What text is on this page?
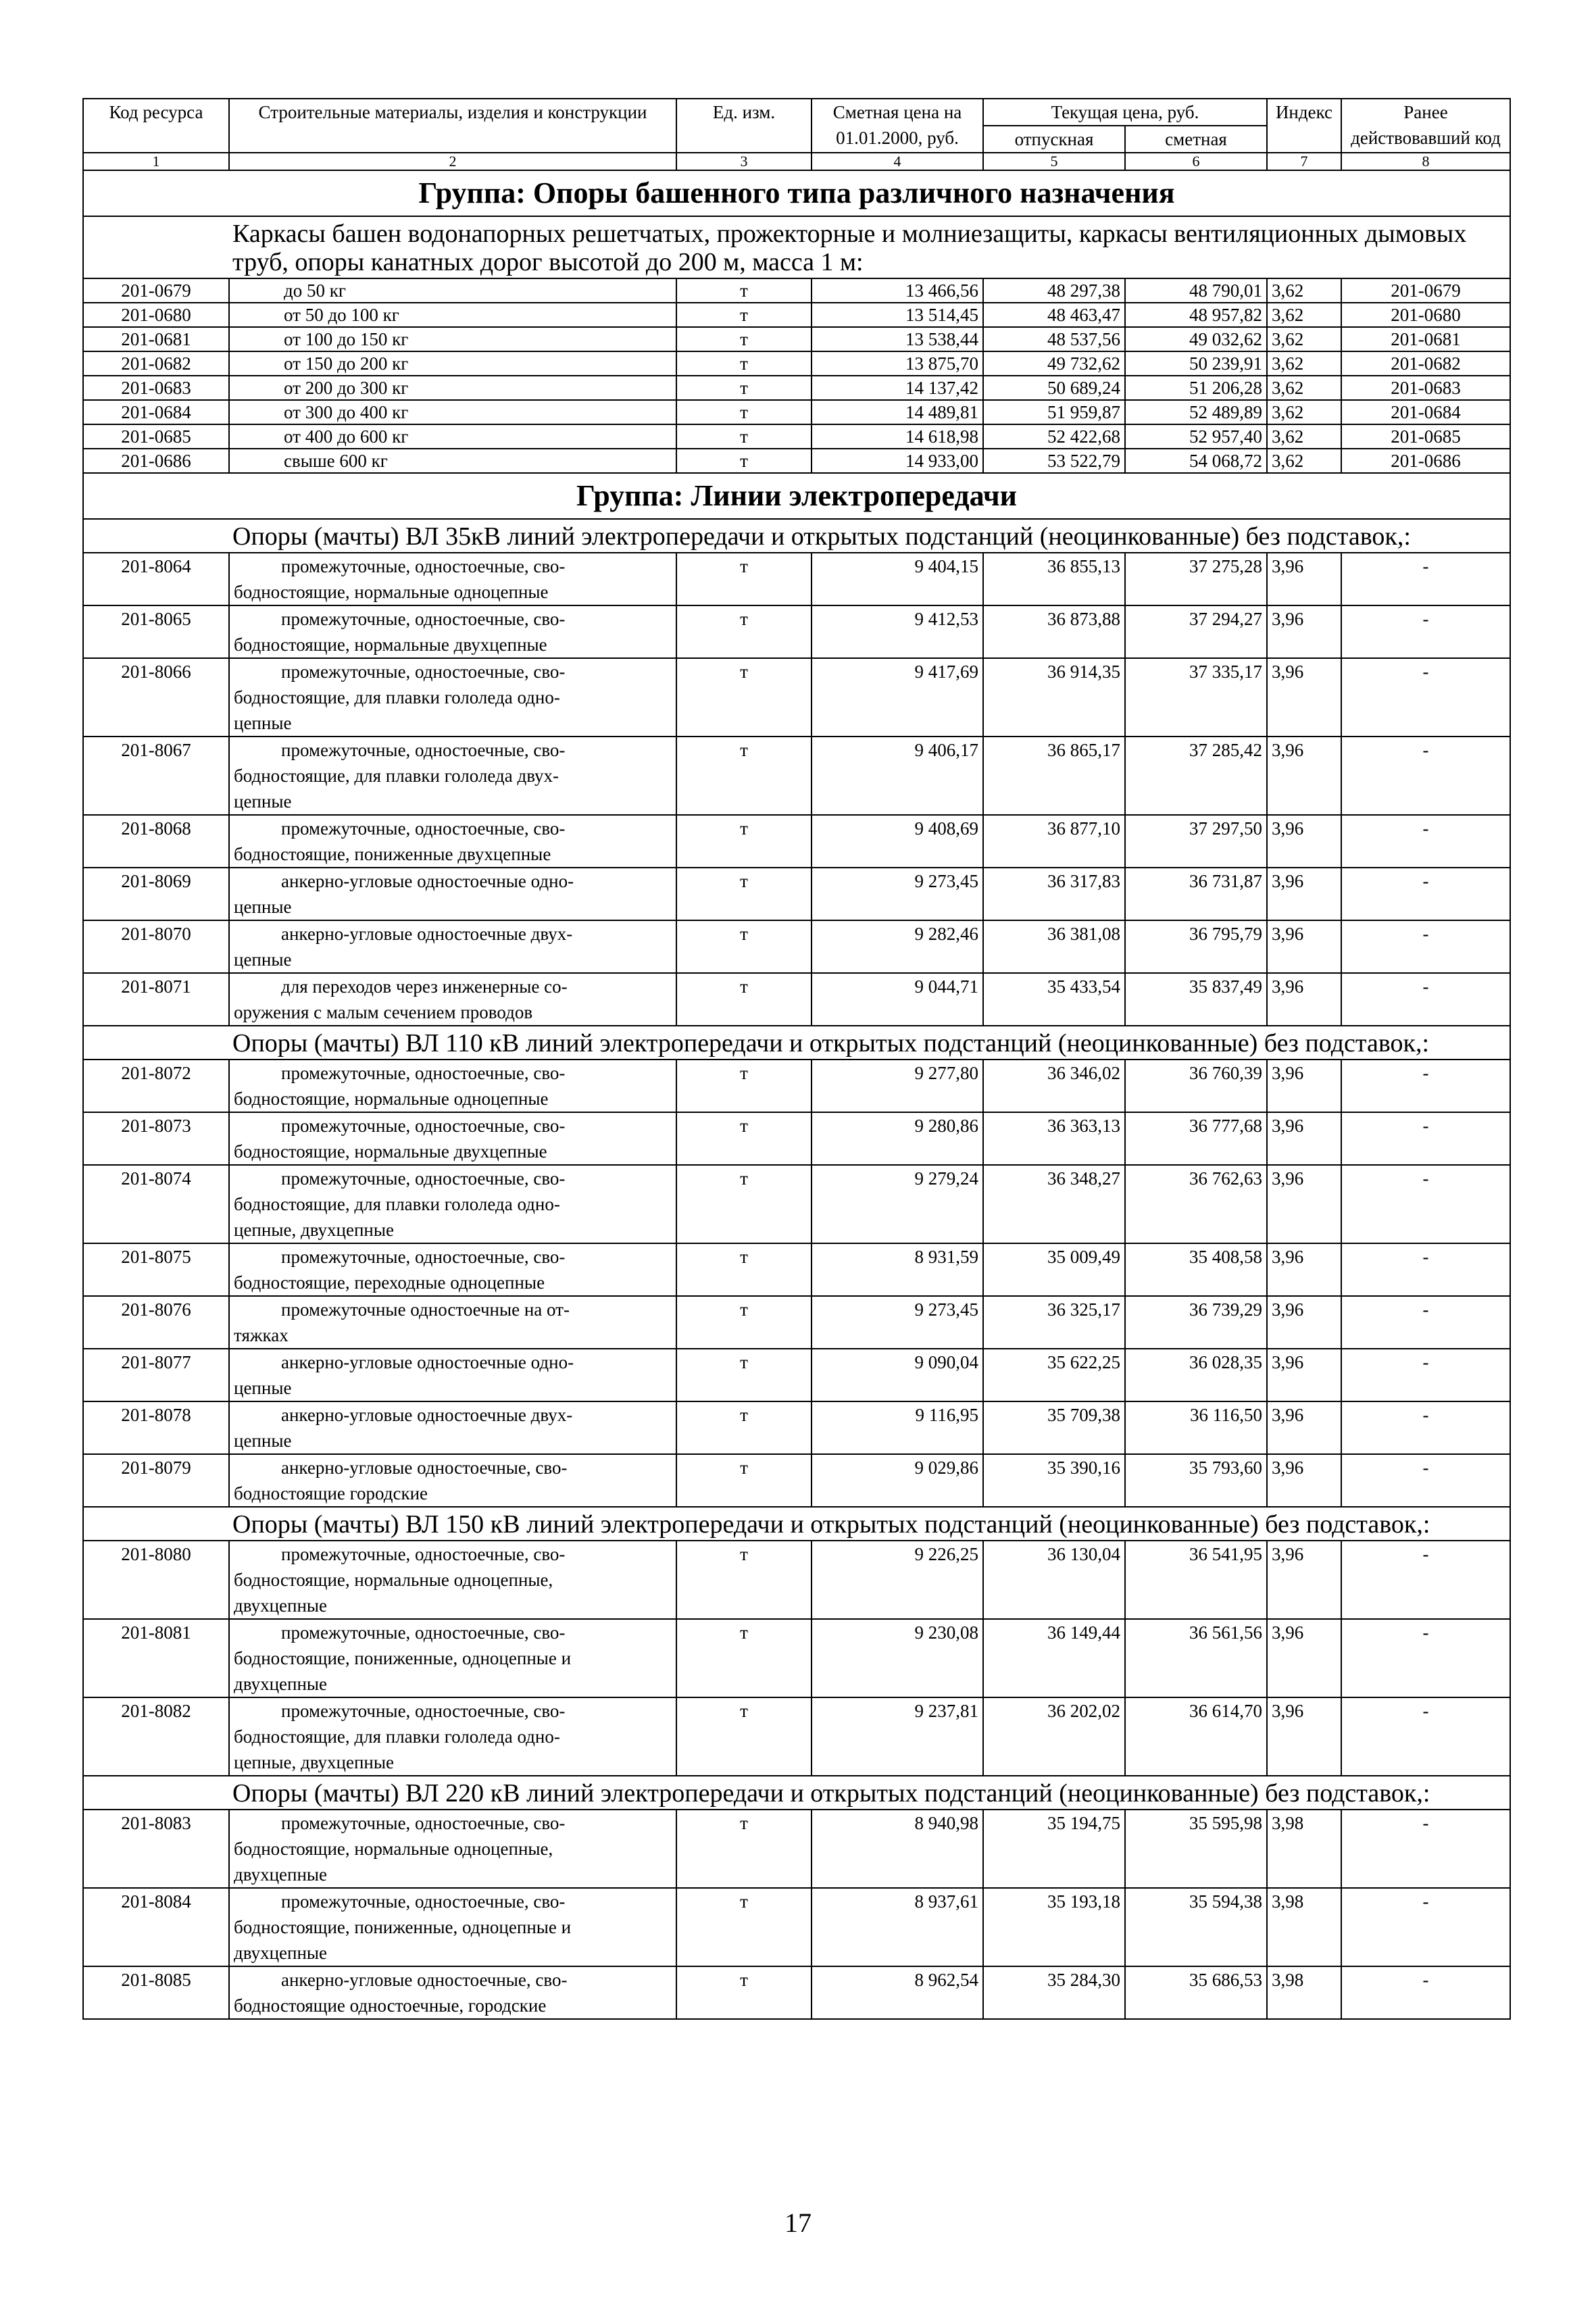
Код ресурса	Строительные материалы, изделия и конструкции	Ед. изм.	Сметная цена на 01.01.2000, руб.	Текущая цена, руб.		Индекс	Ранее действовавший код
				отпускная	сметная		
1	2	3	4	5	6	7	8
Группа: Опоры башенного типа различного назначения							
Каркасы башен водонапорных решетчатых, прожекторные и молниезащиты, каркасы вентиляционных дымовых труб, опоры канатных дорог высотой до 200 м, масса 1 м:							
201-0679	до 50 кг	т	13 466,56	48 297,38	48 790,01	3,62	201-0679
201-0680	от 50 до 100 кг	т	13 514,45	48 463,47	48 957,82	3,62	201-0680
201-0681	от 100 до 150 кг	т	13 538,44	48 537,56	49 032,62	3,62	201-0681
201-0682	от 150 до 200 кг	т	13 875,70	49 732,62	50 239,91	3,62	201-0682
201-0683	от 200 до 300 кг	т	14 137,42	50 689,24	51 206,28	3,62	201-0683
201-0684	от 300 до 400 кг	т	14 489,81	51 959,87	52 489,89	3,62	201-0684
201-0685	от 400 до 600 кг	т	14 618,98	52 422,68	52 957,40	3,62	201-0685
201-0686	свыше 600 кг	т	14 933,00	53 522,79	54 068,72	3,62	201-0686
Группа: Линии электропередачи							
Опоры (мачты) ВЛ 35кВ линий электропередачи и открытых подстанций (неоцинкованные) без подставок,:							
201-8064	промежуточные, одностоечные, сво-
бодностоящие, нормальные одноцепные	т	9 404,15	36 855,13	37 275,28	3,96	-
201-8065	промежуточные, одностоечные, сво-
бодностоящие, нормальные двухцепные	т	9 412,53	36 873,88	37 294,27	3,96	-
201-8066	промежуточные, одностоечные, сво-
бодностоящие, для плавки гололеда одно-
цепные	т	9 417,69	36 914,35	37 335,17	3,96	-
201-8067	промежуточные, одностоечные, сво-
бодностоящие, для плавки гололеда двух-
цепные	т	9 406,17	36 865,17	37 285,42	3,96	-
201-8068	промежуточные, одностоечные, сво-
бодностоящие, пониженные двухцепные	т	9 408,69	36 877,10	37 297,50	3,96	-
201-8069	анкерно-угловые одностоечные одно-
цепные	т	9 273,45	36 317,83	36 731,87	3,96	-
201-8070	анкерно-угловые одностоечные двух-
цепные	т	9 282,46	36 381,08	36 795,79	3,96	-
201-8071	для переходов через инженерные со-
оружения с малым сечением проводов	т	9 044,71	35 433,54	35 837,49	3,96	-
Опоры (мачты) ВЛ 110 кВ линий электропередачи и открытых подстанций (неоцинкованные) без подставок,:							
201-8072	промежуточные, одностоечные, сво-
бодностоящие, нормальные одноцепные	т	9 277,80	36 346,02	36 760,39	3,96	-
201-8073	промежуточные, одностоечные, сво-
бодностоящие, нормальные двухцепные	т	9 280,86	36 363,13	36 777,68	3,96	-
201-8074	промежуточные, одностоечные, сво-
бодностоящие, для плавки гололеда одно-
цепные, двухцепные	т	9 279,24	36 348,27	36 762,63	3,96	-
201-8075	промежуточные, одностоечные, сво-
бодностоящие, переходные одноцепные	т	8 931,59	35 009,49	35 408,58	3,96	-
201-8076	промежуточные одностоечные на от-
тяжках	т	9 273,45	36 325,17	36 739,29	3,96	-
201-8077	анкерно-угловые одностоечные одно-
цепные	т	9 090,04	35 622,25	36 028,35	3,96	-
201-8078	анкерно-угловые одностоечные двух-
цепные	т	9 116,95	35 709,38	36 116,50	3,96	-
201-8079	анкерно-угловые одностоечные, сво-
бодностоящие городские	т	9 029,86	35 390,16	35 793,60	3,96	-
Опоры (мачты) ВЛ 150 кВ линий электропередачи и открытых подстанций (неоцинкованные) без подставок,:							
201-8080	промежуточные, одностоечные, сво-
бодностоящие, нормальные одноцепные,
двухцепные	т	9 226,25	36 130,04	36 541,95	3,96	-
201-8081	промежуточные, одностоечные, сво-
бодностоящие, пониженные, одноцепные и
двухцепные	т	9 230,08	36 149,44	36 561,56	3,96	-
201-8082	промежуточные, одностоечные, сво-
бодностоящие, для плавки гололеда одно-
цепные, двухцепные	т	9 237,81	36 202,02	36 614,70	3,96	-
Опоры (мачты) ВЛ 220 кВ линий электропередачи и открытых подстанций (неоцинкованные) без подставок,:							
201-8083	промежуточные, одностоечные, сво-
бодностоящие, нормальные одноцепные,
двухцепные	т	8 940,98	35 194,75	35 595,98	3,98	-
201-8084	промежуточные, одностоечные, сво-
бодностоящие, пониженные, одноцепные и
двухцепные	т	8 937,61	35 193,18	35 594,38	3,98	-
201-8085	анкерно-угловые одностоечные, сво-
бодностоящие одностоечные, городские	т	8 962,54	35 284,30	35 686,53	3,98	-
17
